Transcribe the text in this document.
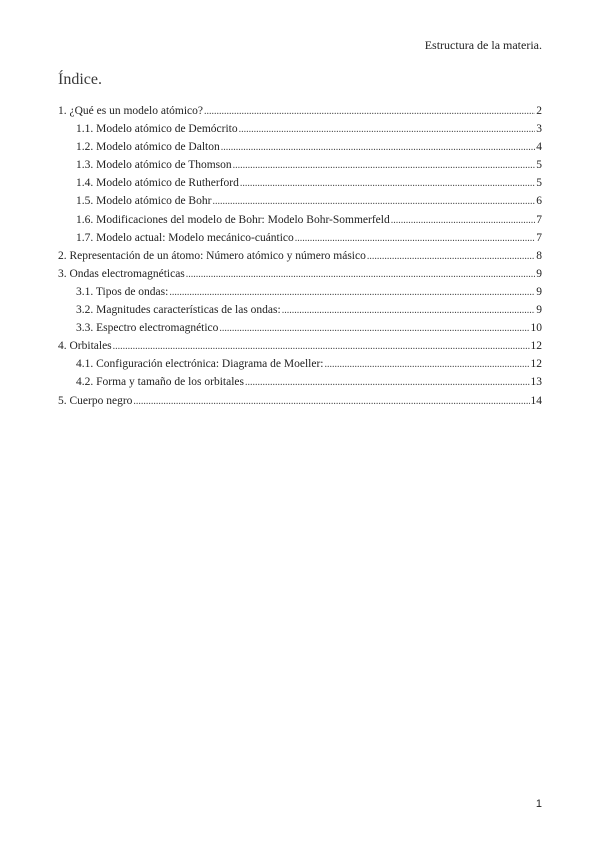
Estructura de la materia.
Índice.
1. ¿Qué es un modelo atómico? .....	2
1.1. Modelo atómico de Demócrito .....	3
1.2. Modelo atómico de Dalton .....	4
1.3. Modelo atómico de Thomson .....	5
1.4. Modelo atómico de Rutherford .....	5
1.5. Modelo atómico de Bohr .....	6
1.6. Modificaciones del modelo de Bohr: Modelo Bohr-Sommerfeld .....	7
1.7. Modelo actual: Modelo mecánico-cuántico .....	7
2. Representación de un átomo: Número atómico y número másico .....	8
3. Ondas electromagnéticas .....	9
3.1. Tipos de ondas: .....	9
3.2. Magnitudes características de las ondas: .....	9
3.3. Espectro electromagnético .....	10
4. Orbitales .....	12
4.1. Configuración electrónica: Diagrama de Moeller: .....	12
4.2. Forma y tamaño de los orbitales .....	13
5. Cuerpo negro .....	14
1
